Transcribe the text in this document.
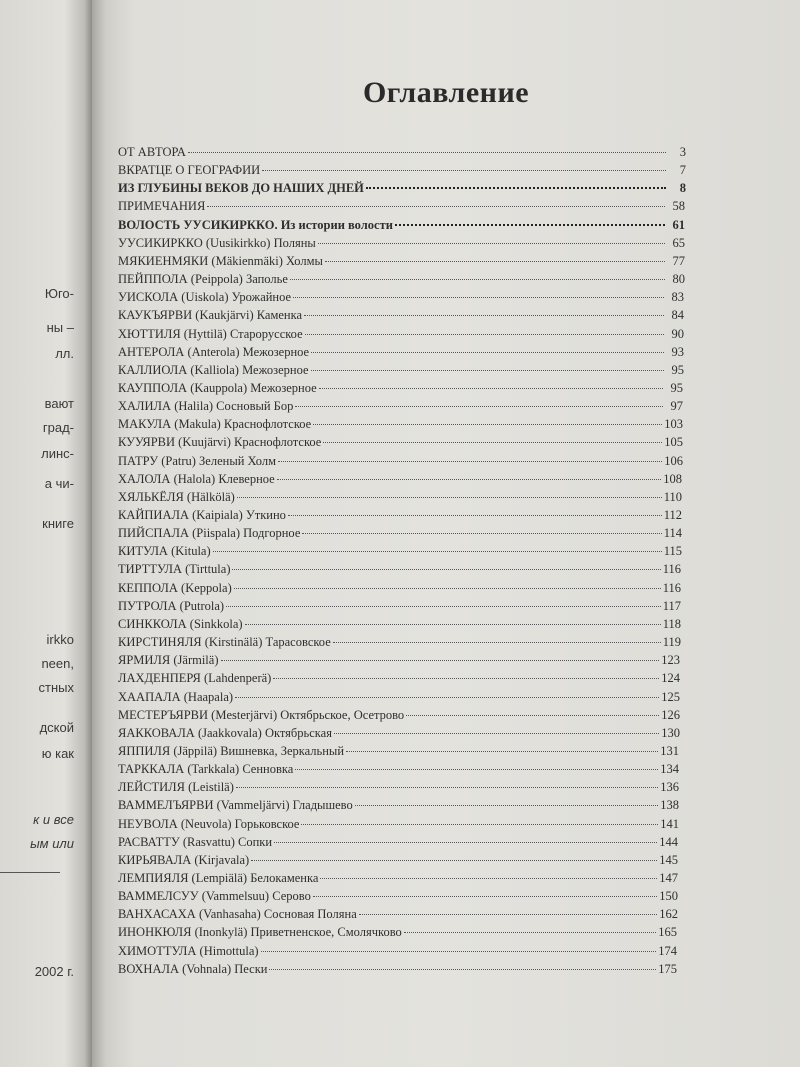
Юго-
ны –
лл.
вают
град-
линс-
а чи-
книге
irkko
neen,
стных
дской
ю как
к и все
ым или
2002 г.
Оглавление
ОТ АВТОРА	3
ВКРАТЦЕ О ГЕОГРАФИИ	7
ИЗ ГЛУБИНЫ ВЕКОВ ДО НАШИХ ДНЕЙ	8
ПРИМЕЧАНИЯ	58
ВОЛОСТЬ УУСИКИРККО. Из истории волости	61
УУСИКИРККО (Uusikirkko) Поляны	65
МЯКИЕНМЯКИ (Mäkienmäki) Холмы	77
ПЕЙППОЛА (Peippola) Заполье	80
УИСКОЛА (Uiskola) Урожайное	83
КАУКЪЯРВИ (Kaukjärvi) Каменка	84
ХЮТТИЛЯ (Hyttilä) Старорусское	90
АНТЕРОЛА (Anterola) Межозерное	93
КАЛЛИОЛА (Kalliola) Межозерное	95
КАУППОЛА (Kauppola) Межозерное	95
ХАЛИЛА (Halila) Сосновый Бор	97
МАКУЛА (Makula) Краснофлотское	103
КУУЯРВИ (Kuujärvi) Краснофлотское	105
ПАТРУ (Patru) Зеленый Холм	106
ХАЛОЛА (Halola) Клеверное	108
ХЯЛЬКЁЛЯ (Hälkölä)	110
КАЙПИАЛА (Kaipiala) Уткино	112
ПИЙСПАЛА (Piispala) Подгорное	114
КИТУЛА (Kitula)	115
ТИРТТУЛА (Tirttula)	116
КЕППОЛА (Keppola)	116
ПУТРОЛА (Putrola)	117
СИНККОЛА (Sinkkola)	118
КИРСТИНЯЛЯ (Kirstinälä) Тарасовское	119
ЯРМИЛЯ (Järmilä)	123
ЛАХДЕНПЕРЯ (Lahdenperä)	124
ХААПАЛА (Haapala)	125
МЕСТЕРЪЯРВИ (Mesterjärvi) Октябрьское, Осетрово	126
ЯАККОВАЛА (Jaakkovala) Октябрьская	130
ЯППИЛЯ (Jäppilä) Вишневка, Зеркальный	131
ТАРККАЛА (Tarkkala) Сенновка	134
ЛЕЙСТИЛЯ (Leistilä)	136
ВАММЕЛЪЯРВИ (Vammeljärvi) Гладышево	138
НЕУВОЛА (Neuvola) Горьковское	141
РАСВАТТУ (Rasvattu) Сопки	144
КИРЬЯВАЛА (Kirjavala)	145
ЛЕМПИЯЛЯ (Lempiälä) Белокаменка	147
ВАММЕЛСУУ (Vammelsuu) Серово	150
ВАНХАСАХА (Vanhasaha) Сосновая Поляна	162
ИНОНКЮЛЯ (Inonkylä) Приветненское, Смолячково	165
ХИМОТТУЛА (Himottula)	174
ВОХНАЛА (Vohnala) Пески	175
